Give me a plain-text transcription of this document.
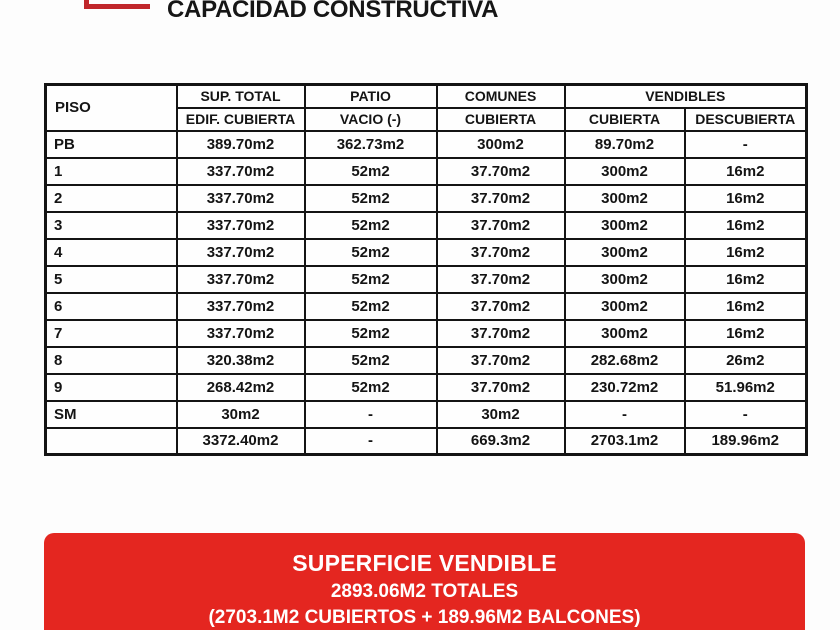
CAPACIDAD CONSTRUCTIVA
PISO	SUP. TOTAL	PATIO	COMUNES	VENDIBLES	
	EDIF. CUBIERTA	VACIO (-)	CUBIERTA	CUBIERTA	DESCUBIERTA
PB	389.70m2	362.73m2	300m2	89.70m2	-
1	337.70m2	52m2	37.70m2	300m2	16m2
2	337.70m2	52m2	37.70m2	300m2	16m2
3	337.70m2	52m2	37.70m2	300m2	16m2
4	337.70m2	52m2	37.70m2	300m2	16m2
5	337.70m2	52m2	37.70m2	300m2	16m2
6	337.70m2	52m2	37.70m2	300m2	16m2
7	337.70m2	52m2	37.70m2	300m2	16m2
8	320.38m2	52m2	37.70m2	282.68m2	26m2
9	268.42m2	52m2	37.70m2	230.72m2	51.96m2
SM	30m2	-	30m2	-	-
	3372.40m2	-	669.3m2	2703.1m2	189.96m2
SUPERFICIE VENDIBLE
2893.06M2 TOTALES
(2703.1M2 CUBIERTOS + 189.96M2 BALCONES)
